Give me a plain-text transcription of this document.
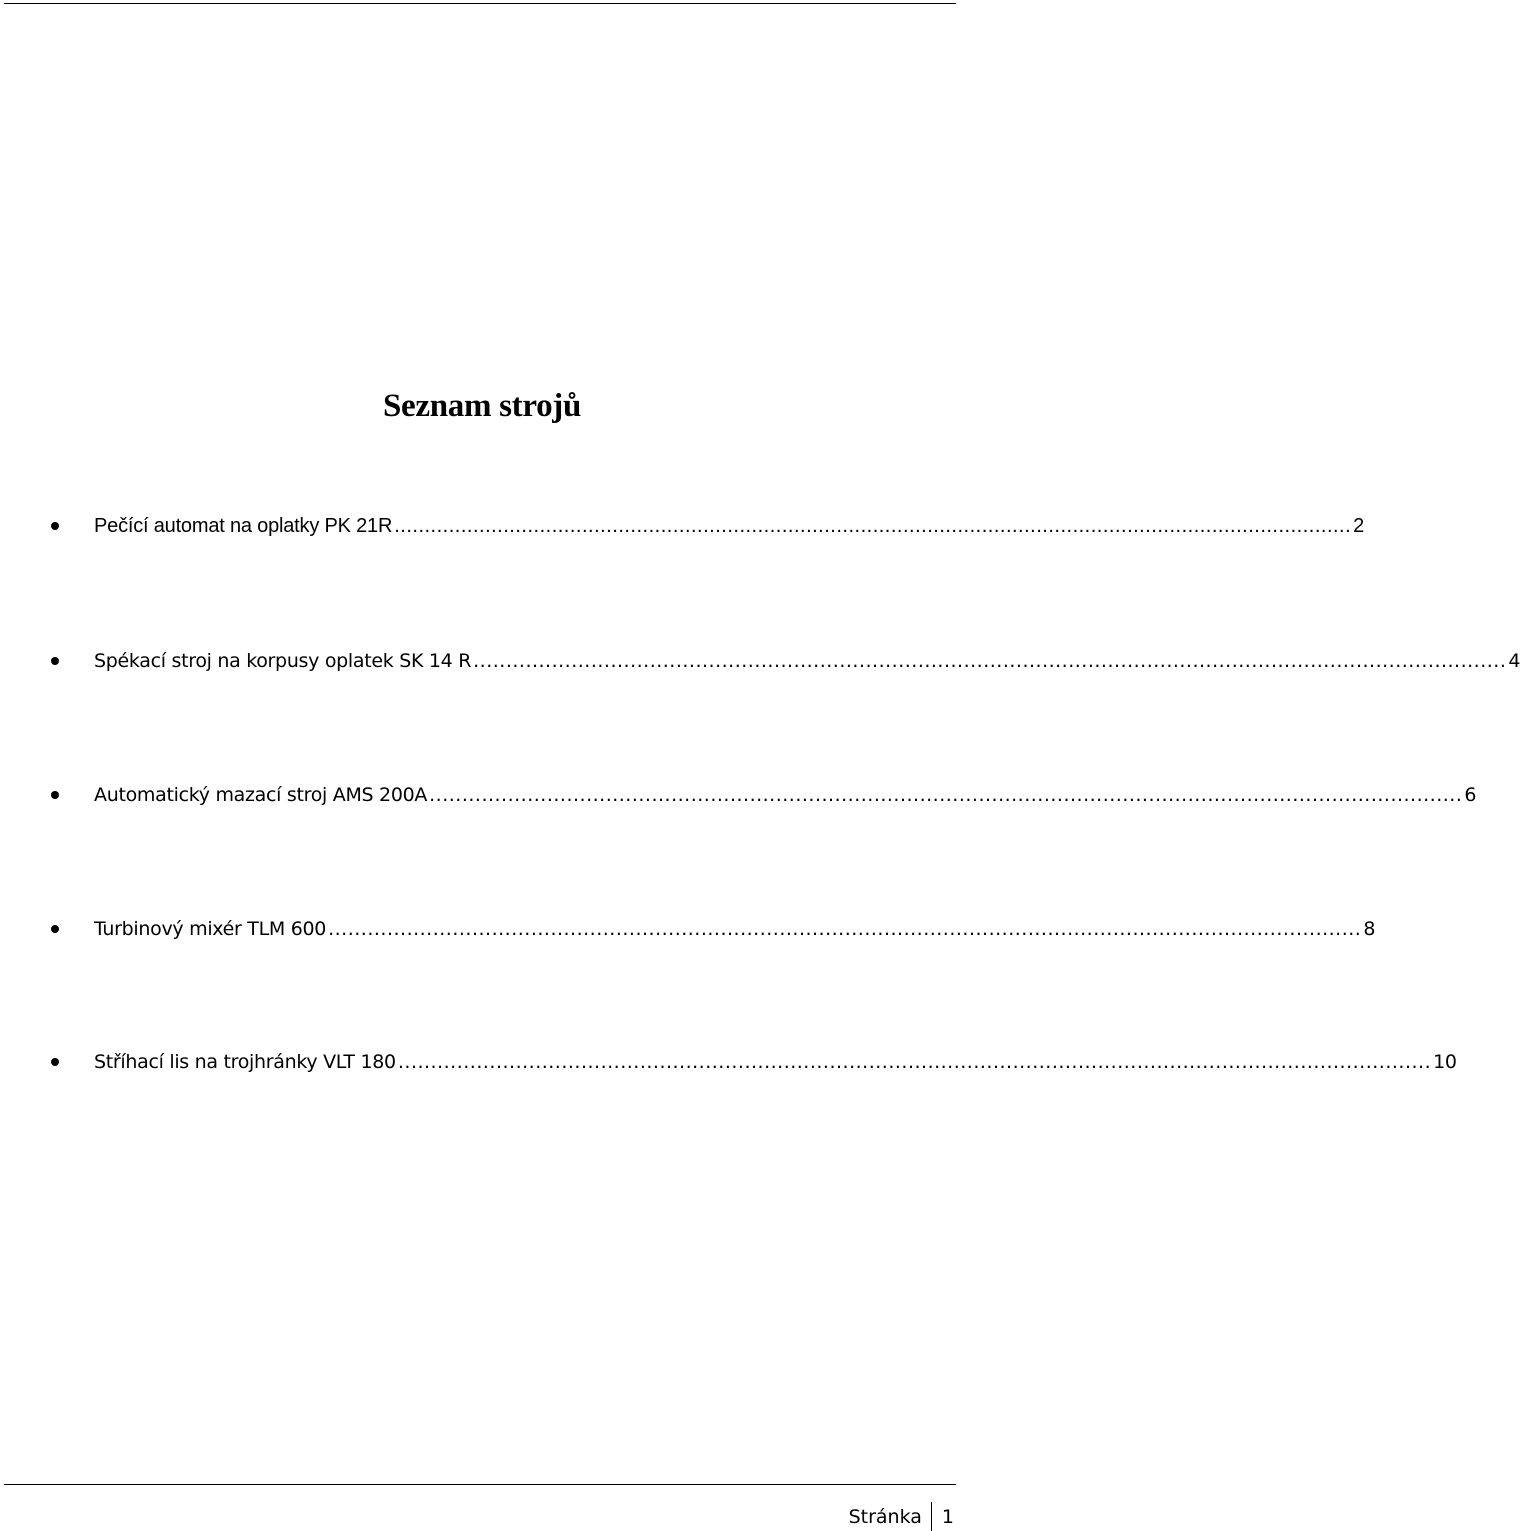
Seznam strojů
Pečící automat na oplatky PK 21R .............................................................................................................................................................. 2
Spékací stroj na korpusy oplatek SK 14 R .............................................................................................................................................................. 4
Automatický mazací stroj AMS 200A .............................................................................................................................................................. 6
Turbinový mixér TLM 600 .............................................................................................................................................................. 8
Stříhací lis na trojhránky VLT 180 .............................................................................................................................................................. 10
Stránka	1
